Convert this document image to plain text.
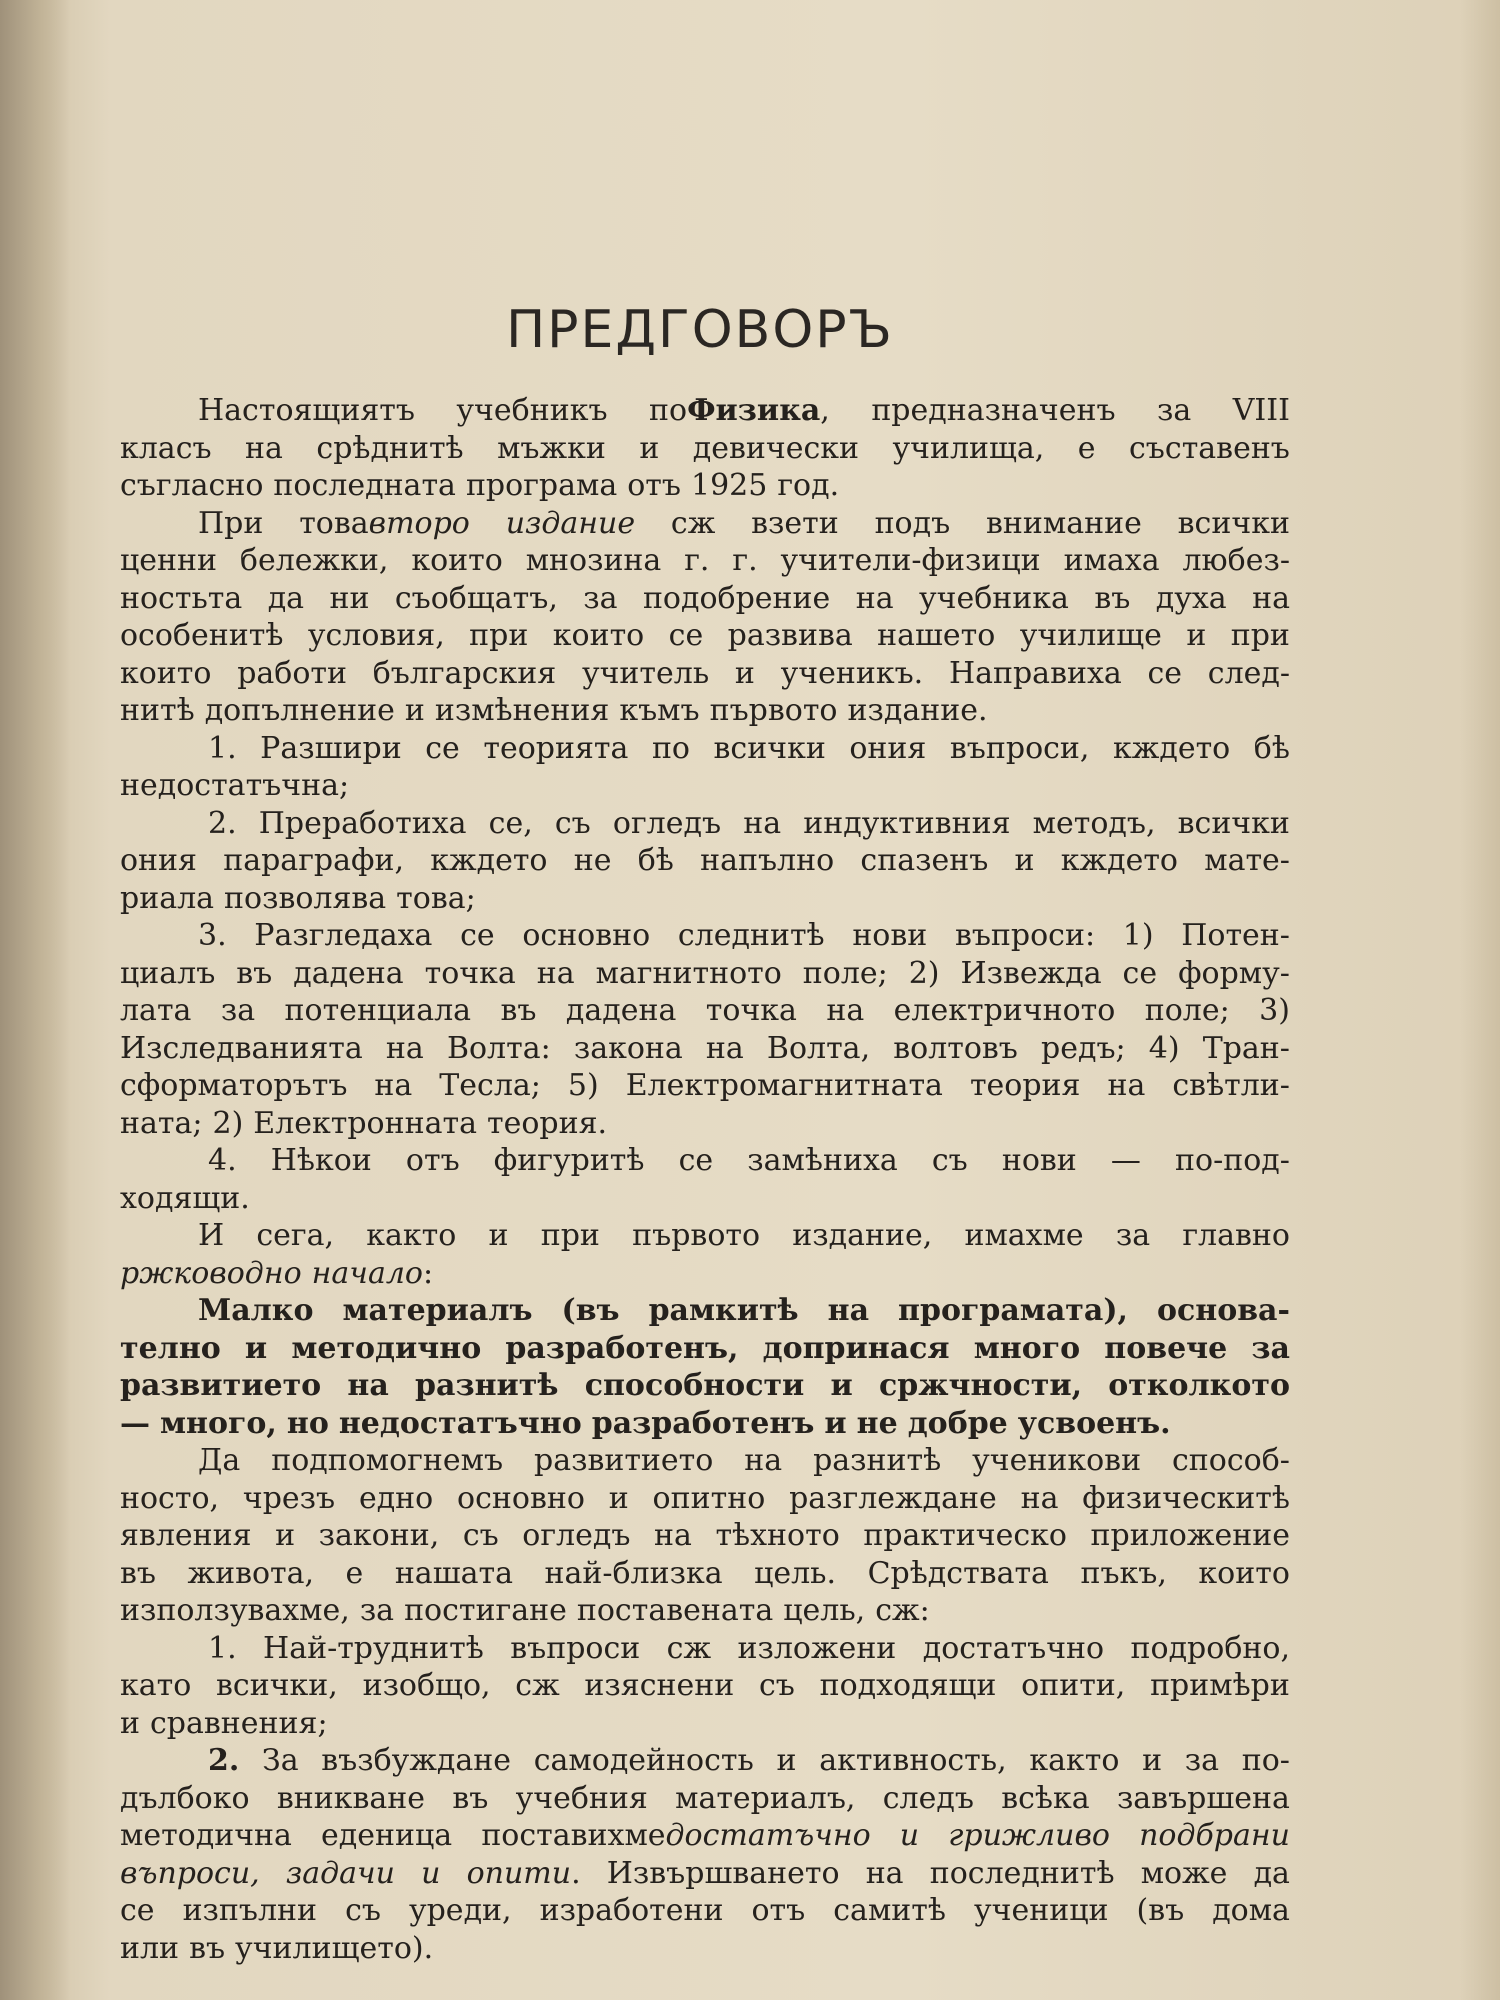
ПРЕДГОВОРЪ
Настоящиятъ учебникъ поФизика, предназначенъ за VIII
класъ на срѣднитѣ мъжки и девически училища, е съставенъ
съгласно последната програма отъ 1925 год.
При товавторо издание сж взети подъ внимание всички
ценни бележки, които мнозина г. г. учители-физици имаха любез-
ностьта да ни съобщатъ, за подобрение на учебника въ духа на
особенитѣ условия, при които се развива нашето училище и при
които работи българския учитель и ученикъ. Направиха се след-
нитѣ допълнение и измѣнения къмъ първото издание.
1. Разшири се теорията по всички ония въпроси, кждето бѣ
недостатъчна;
2. Преработиха се, съ огледъ на индуктивния методъ, всички
ония параграфи, кждето не бѣ напълно спазенъ и кждето мате-
риала позволява това;
3. Разгледаха се основно следнитѣ нови въпроси: 1) Потен-
циалъ въ дадена точка на магнитното поле; 2) Извежда се форму-
лата за потенциала въ дадена точка на електричното поле; 3)
Изследванията на Волта: закона на Волта, волтовъ редъ; 4) Тран-
сформаторътъ на Тесла; 5) Електромагнитната теория на свѣтли-
ната; 2) Електронната теория.
4. Нѣкои отъ фигуритѣ се замѣниха съ нови — по-под-
ходящи.
И сега, както и при първото издание, имахме за главно
ржководно начало:
Малко материалъ (въ рамкитѣ на програмата), основа-
телно и методично разработенъ, допринася много повече за
развитието на разнитѣ способности и сржчности, отколкото
— много, но недостатъчно разработенъ и не добре усвоенъ.
Да подпомогнемъ развитието на разнитѣ ученикови способ-
носто, чрезъ едно основно и опитно разглеждане на физическитѣ
явления и закони, съ огледъ на тѣхното практическо приложение
въ живота, е нашата най-близка цель. Срѣдствата пъкъ, които
използувахме, за постигане поставената цель, сж:
1. Най-труднитѣ въпроси сж изложени достатъчно подробно,
като всички, изобщо, сж изяснени съ подходящи опити, примѣри
и сравнения;
2. За възбуждане самодейность и активность, както и за по-
дълбоко вникване въ учебния материалъ, следъ всѣка завършена
методична еденица поставихмедостатъчно и грижливо подбрани
въпроси, задачи и опити. Извършването на последнитѣ може да
се изпълни съ уреди, изработени отъ самитѣ ученици (въ дома
или въ училището).
